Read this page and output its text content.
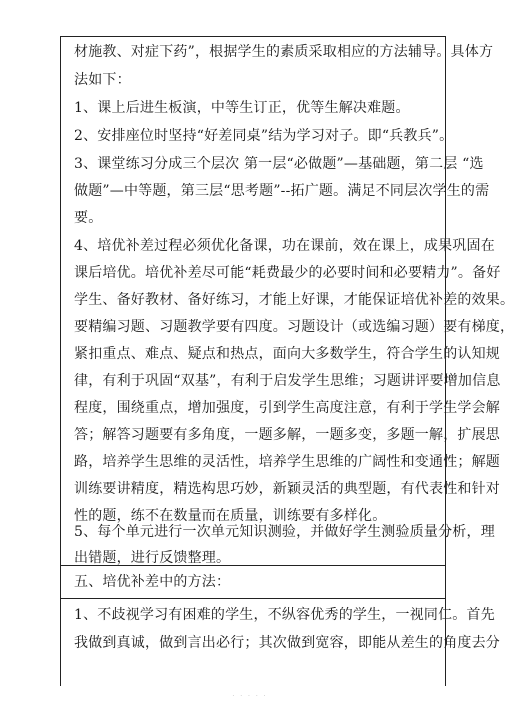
材施教、对症下药”，根据学生的素质采取相应的方法辅导。具体方
法如下：
1、课上后进生板演，中等生订正，优等生解决难题。
2、安排座位时坚持“好差同桌”结为学习对子。即“兵教兵”。
3、课堂练习分成三个层次 第一层“必做题”—基础题，第二层 “选
做题”—中等题，第三层“思考题”--拓广题。满足不同层次学生的需
要。
4、培优补差过程必须优化备课，功在课前，效在课上，成果巩固在
课后培优。培优补差尽可能“耗费最少的必要时间和必要精力”。备好
学生、备好教材、备好练习，才能上好课，才能保证培优补差的效果。
要精编习题、习题教学要有四度。习题设计（或选编习题）要有梯度，
紧扣重点、难点、疑点和热点，面向大多数学生，符合学生的认知规
律，有利于巩固“双基”，有利于启发学生思维；习题讲评要增加信息
程度，围绕重点，增加强度，引到学生高度注意，有利于学生学会解
答；解答习题要有多角度，一题多解，一题多变，多题一解，扩展思
路，培养学生思维的灵活性，培养学生思维的广阔性和变通性；解题
训练要讲精度，精选构思巧妙，新颖灵活的典型题，有代表性和针对
性的题，练不在数量而在质量，训练要有多样化。
5、每个单元进行一次单元知识测验，并做好学生测验质量分析，理
出错题，进行反馈整理。
五、培优补差中的方法：
1、不歧视学习有困难的学生，不纵容优秀的学生，一视同仁。首先
我做到真诚，做到言出必行；其次做到宽容，即能从差生的角度去分
· · · · ·
